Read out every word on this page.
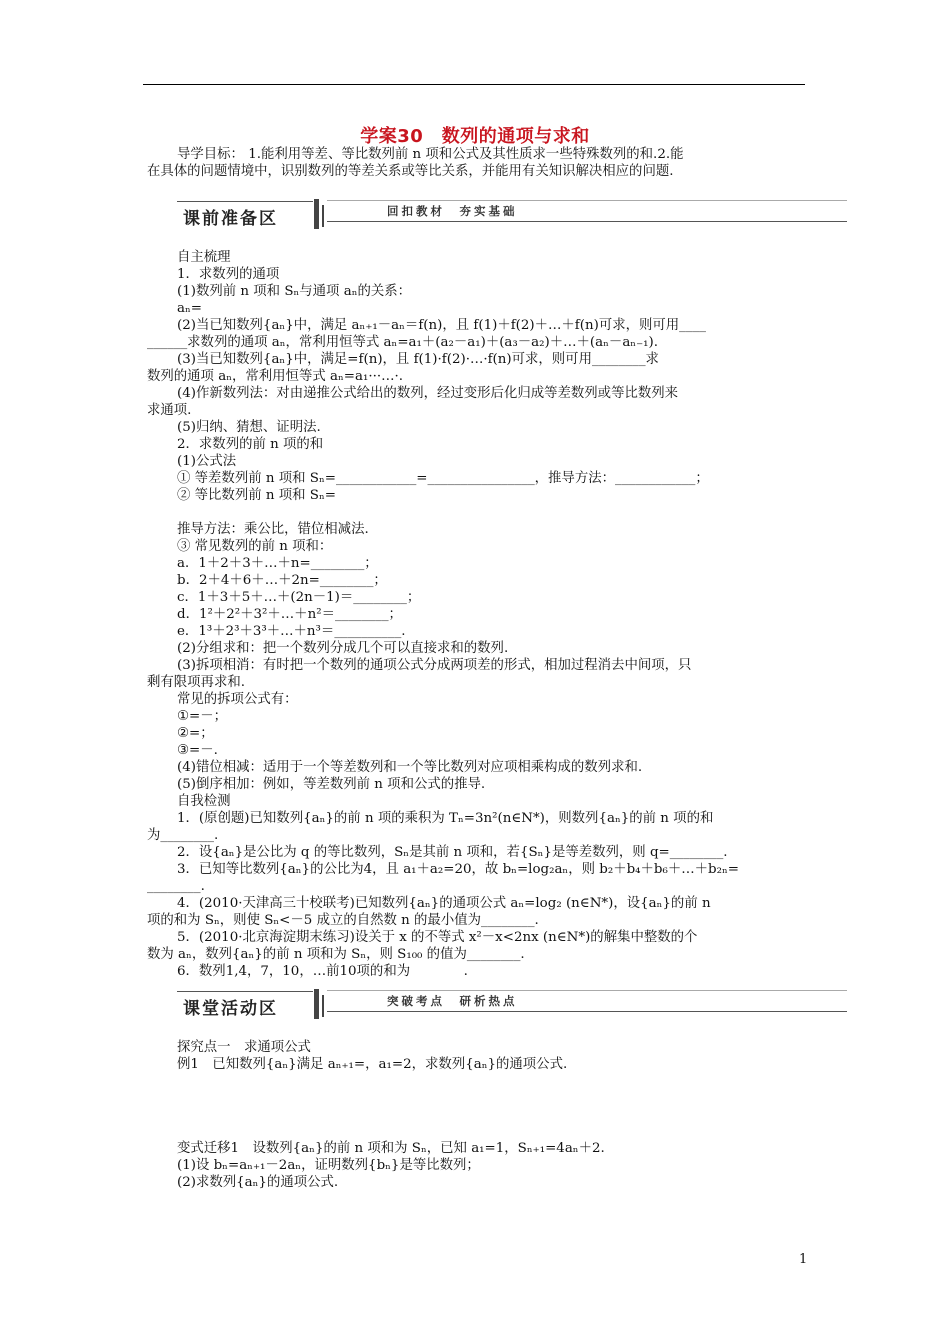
学案30　数列的通项与求和
导学目标： 1.能利用等差、等比数列前 n 项和公式及其性质求一些特殊数列的和.2.能
在具体的问题情境中，识别数列的等差关系或等比关系，并能用有关知识解决相应的问题.
课前准备区	回扣教材　夯实基础
自主梳理
1．求数列的通项
(1)数列前 n 项和 Sₙ与通项 aₙ的关系：
aₙ=
(2)当已知数列{aₙ}中，满足 aₙ₊₁－aₙ＝f(n)，且 f(1)＋f(2)＋…＋f(n)可求，则可用____
______求数列的通项 aₙ，常利用恒等式 aₙ=a₁＋(a₂－a₁)＋(a₃－a₂)＋…＋(aₙ－aₙ₋₁).
(3)当已知数列{aₙ}中，满足=f(n)，且 f(1)·f(2)·…·f(n)可求，则可用________求
数列的通项 aₙ，常利用恒等式 aₙ=a₁···…·.
(4)作新数列法：对由递推公式给出的数列，经过变形后化归成等差数列或等比数列来
求通项.
(5)归纳、猜想、证明法.
2．求数列的前 n 项的和
(1)公式法
① 等差数列前 n 项和 Sₙ=____________=________________，推导方法：____________；
② 等比数列前 n 项和 Sₙ=
推导方法：乘公比，错位相减法.
③ 常见数列的前 n 项和：
a．1＋2＋3＋…＋n=________；
b．2＋4＋6＋…＋2n=________；
c．1＋3＋5＋…＋(2n－1)＝________；
d．1²＋2²＋3²＋…＋n²＝________；
e．1³＋2³＋3³＋…＋n³＝__________.
(2)分组求和：把一个数列分成几个可以直接求和的数列.
(3)拆项相消：有时把一个数列的通项公式分成两项差的形式，相加过程消去中间项，只
剩有限项再求和.
常见的拆项公式有：
①=－；
②=；
③=－.
(4)错位相减：适用于一个等差数列和一个等比数列对应项相乘构成的数列求和.
(5)倒序相加：例如，等差数列前 n 项和公式的推导.
自我检测
1．(原创题)已知数列{aₙ}的前 n 项的乘积为 Tₙ=3n²(n∈N*)，则数列{aₙ}的前 n 项的和
为________.
2．设{aₙ}是公比为 q 的等比数列，Sₙ是其前 n 项和，若{Sₙ}是等差数列，则 q=________.
3．已知等比数列{aₙ}的公比为4，且 a₁＋a₂=20，故 bₙ=log₂aₙ，则 b₂＋b₄＋b₆＋…＋b₂ₙ=
________.
4．(2010·天津高三十校联考)已知数列{aₙ}的通项公式 aₙ=log₂ (n∈N*)，设{aₙ}的前 n
项的和为 Sₙ，则使 Sₙ<－5 成立的自然数 n 的最小值为________.
5．(2010·北京海淀期末练习)设关于 x 的不等式 x²－x<2nx (n∈N*)的解集中整数的个
数为 aₙ，数列{aₙ}的前 n 项和为 Sₙ，则 S₁₀₀ 的值为________.
6．数列1,4，7，10，…前10项的和为　　　　.
课堂活动区	突破考点　研析热点
探究点一　求通项公式
例1　已知数列{aₙ}满足 aₙ₊₁=，a₁=2，求数列{aₙ}的通项公式.
变式迁移1　设数列{aₙ}的前 n 项和为 Sₙ，已知 a₁=1，Sₙ₊₁=4aₙ＋2.
(1)设 bₙ=aₙ₊₁－2aₙ，证明数列{bₙ}是等比数列；
(2)求数列{aₙ}的通项公式.
1
